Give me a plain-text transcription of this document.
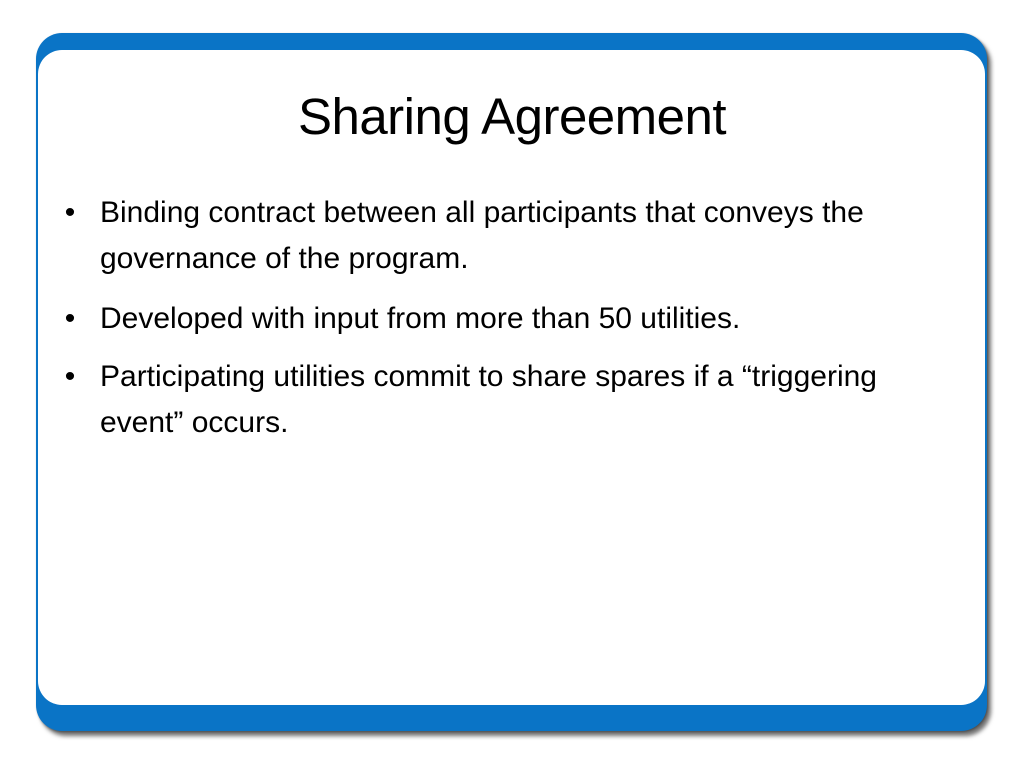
Sharing Agreement
• Binding contract between all participants that conveys the governance of the program.
• Developed with input from more than 50 utilities.
• Participating utilities commit to share spares if a “triggering event” occurs.
